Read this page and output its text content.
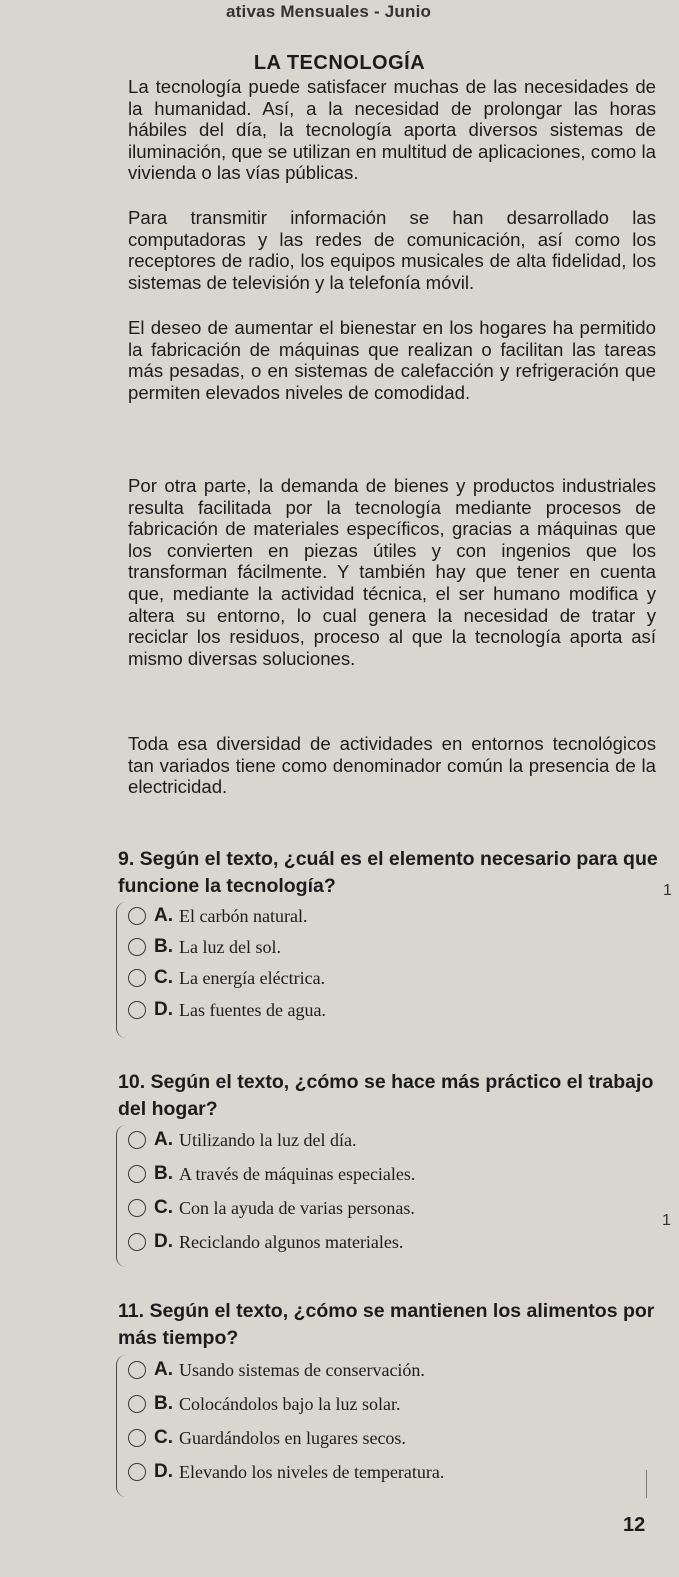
ativas Mensuales - Junio
LA TECNOLOGÍA
La tecnología puede satisfacer muchas de las necesidades de la humanidad. Así, a la necesidad de prolongar las horas hábiles del día, la tecnología aporta diversos sistemas de iluminación, que se utilizan en multitud de aplicaciones, como la vivienda o las vías públicas.
Para transmitir información se han desarrollado las computadoras y las redes de comunicación, así como los receptores de radio, los equipos musicales de alta fidelidad, los sistemas de televisión y la telefonía móvil.
El deseo de aumentar el bienestar en los hogares ha permitido la fabricación de máquinas que realizan o facilitan las tareas más pesadas, o en sistemas de calefacción y refrigeración que permiten elevados niveles de comodidad.
Por otra parte, la demanda de bienes y productos industriales resulta facilitada por la tecnología mediante procesos de fabricación de materiales específicos, gracias a máquinas que los convierten en piezas útiles y con ingenios que los transforman fácilmente. Y también hay que tener en cuenta que, mediante la actividad técnica, el ser humano modifica y altera su entorno, lo cual genera la necesidad de tratar y reciclar los residuos, proceso al que la tecnología aporta así mismo diversas soluciones.
Toda esa diversidad de actividades en entornos tecnológicos tan variados tiene como denominador común la presencia de la electricidad.
9. Según el texto, ¿cuál es el elemento necesario para que funcione la tecnología?
A. El carbón natural.
B. La luz del sol.
C. La energía eléctrica.
D. Las fuentes de agua.
1
10. Según el texto, ¿cómo se hace más práctico el trabajo del hogar?
A. Utilizando la luz del día.
B. A través de máquinas especiales.
C. Con la ayuda de varias personas.
D. Reciclando algunos materiales.
1
11. Según el texto, ¿cómo se mantienen los alimentos por más tiempo?
A. Usando sistemas de conservación.
B. Colocándolos bajo la luz solar.
C. Guardándolos en lugares secos.
D. Elevando los niveles de temperatura.
12
